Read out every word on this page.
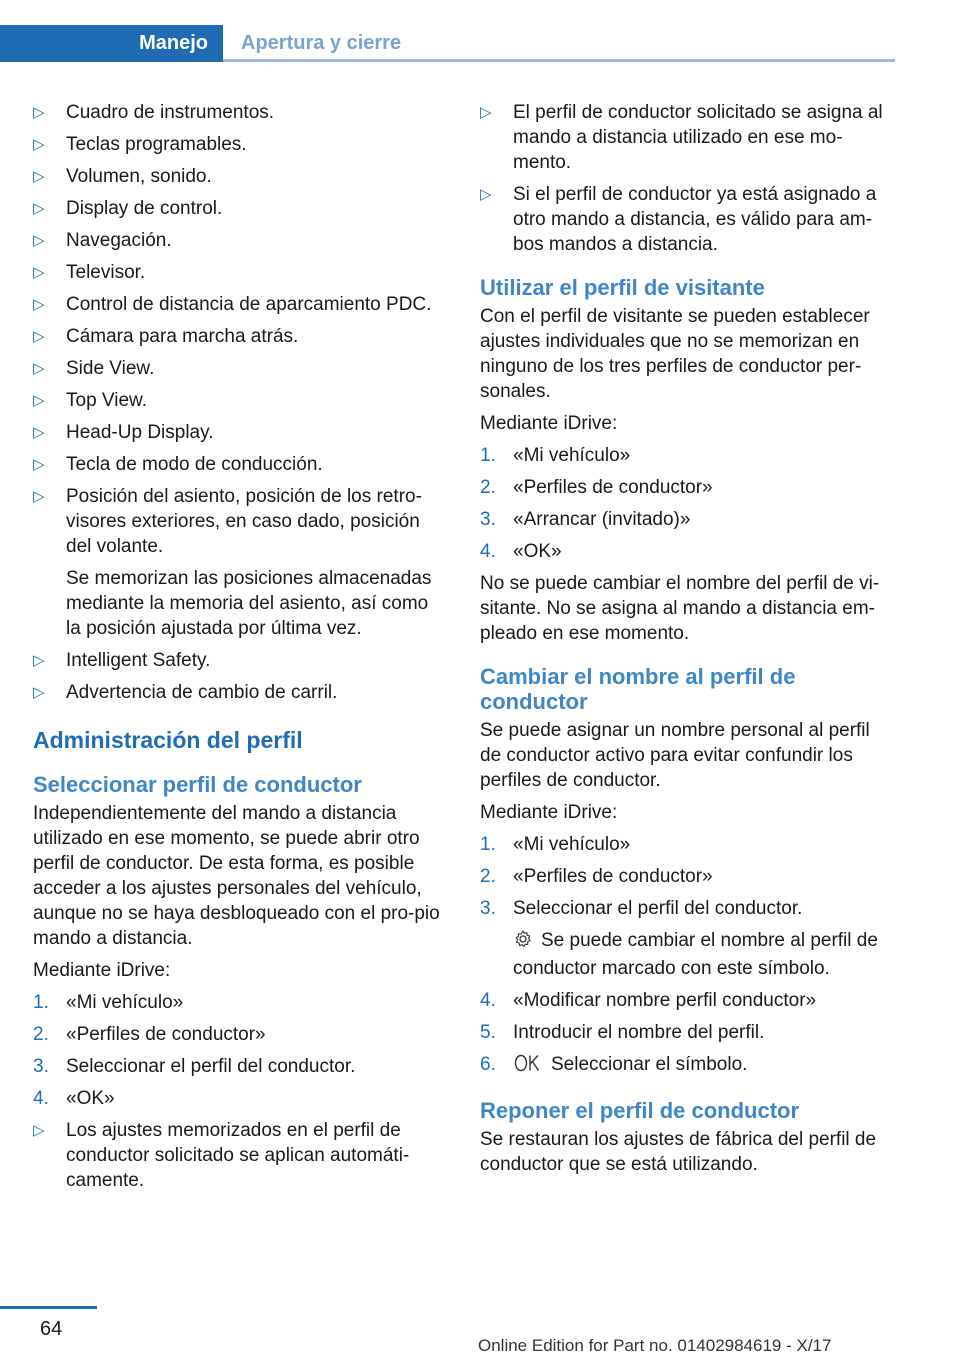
Manejo	Apertura y cierre
▷ Cuadro de instrumentos.
▷ Teclas programables.
▷ Volumen, sonido.
▷ Display de control.
▷ Navegación.
▷ Televisor.
▷ Control de distancia de aparcamiento PDC.
▷ Cámara para marcha atrás.
▷ Side View.
▷ Top View.
▷ Head-Up Display.
▷ Tecla de modo de conducción.
▷ Posición del asiento, posición de los retro-visores exteriores, en caso dado, posición del volante.
Se memorizan las posiciones almacenadas mediante la memoria del asiento, así como la posición ajustada por última vez.
▷ Intelligent Safety.
▷ Advertencia de cambio de carril.
Administración del perfil
Seleccionar perfil de conductor

Independientemente del mando a distancia utilizado en ese momento, se puede abrir otro perfil de conductor. De esta forma, es posible acceder a los ajustes personales del vehículo, aunque no se haya desbloqueado con el pro-pio mando a distancia.

Mediante iDrive:

1. «Mi vehículo»
2. «Perfiles de conductor»
3. Seleccionar el perfil del conductor.
4. «OK»
▷ Los ajustes memorizados en el perfil de conductor solicitado se aplican automáti-camente.
▷ El perfil de conductor solicitado se asigna al mando a distancia utilizado en ese mo-mento.
▷ Si el perfil de conductor ya está asignado a otro mando a distancia, es válido para am-bos mandos a distancia.
Utilizar el perfil de visitante

Con el perfil de visitante se pueden establecer ajustes individuales que no se memorizan en ninguno de los tres perfiles de conductor per-sonales.

Mediante iDrive:

1. «Mi vehículo»
2. «Perfiles de conductor»
3. «Arrancar (invitado)»
4. «OK»

No se puede cambiar el nombre del perfil de vi-sitante. No se asigna al mando a distancia em-pleado en ese momento.

Cambiar el nombre al perfil de conductor

Se puede asignar un nombre personal al perfil de conductor activo para evitar confundir los perfiles de conductor.

Mediante iDrive:

1. «Mi vehículo»
2. «Perfiles de conductor»
3. Seleccionar el perfil del conductor.
Se puede cambiar el nombre al perfil de conductor marcado con este símbolo.
4. «Modificar nombre perfil conductor»
5. Introducir el nombre del perfil.
6.	Seleccionar el símbolo.
Reponer el perfil de conductor

Se restauran los ajustes de fábrica del perfil de conductor que se está utilizando.

64
Online Edition for Part no. 01402984619 - X/17
